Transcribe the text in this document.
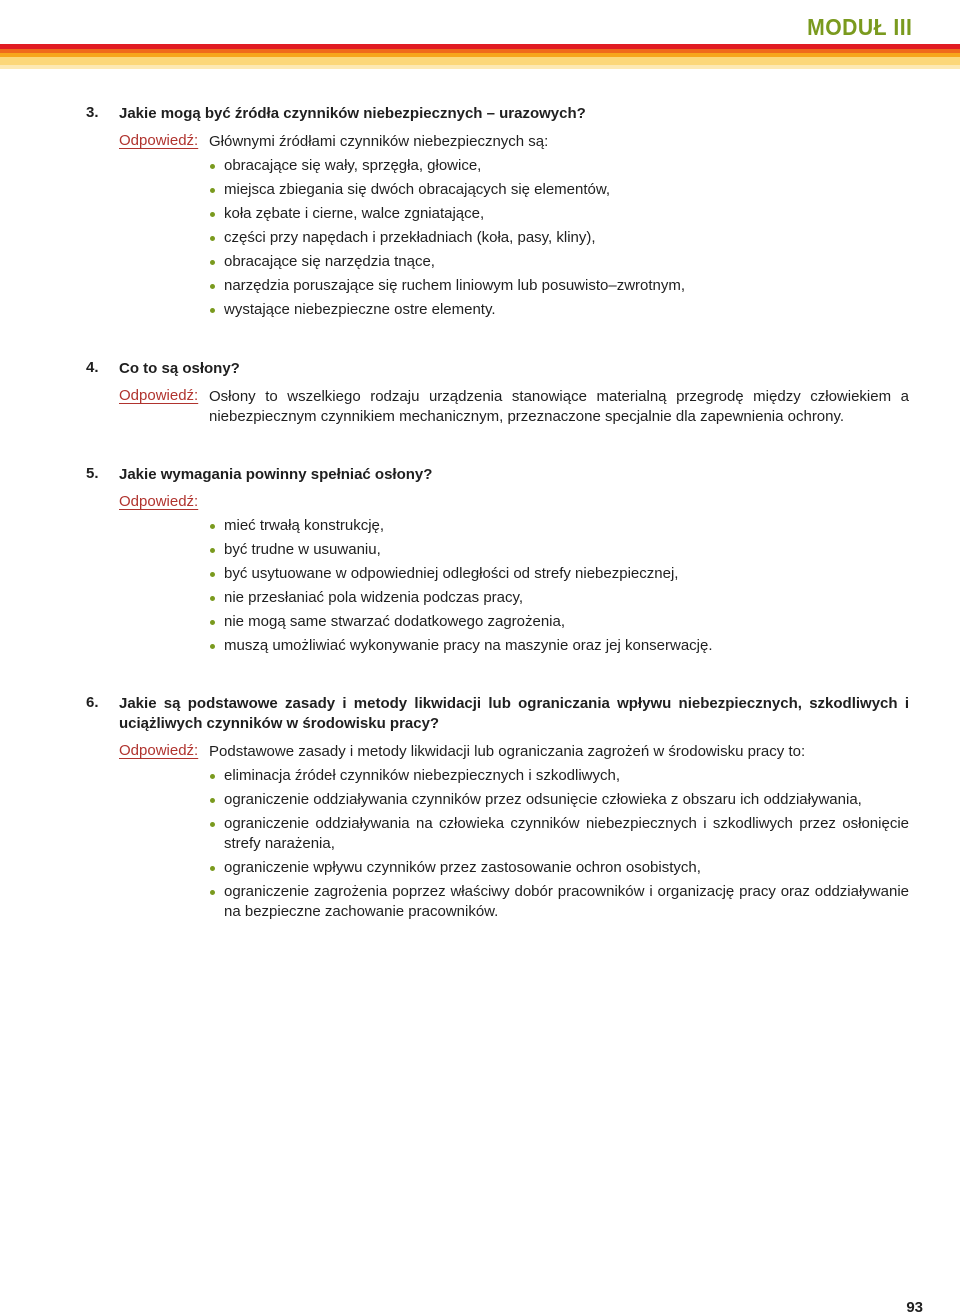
MODUŁ III
3. Jakie mogą być źródła czynników niebezpiecznych – urazowych?
Odpowiedź: Głównymi źródłami czynników niebezpiecznych są:
obracające się wały, sprzęgła, głowice,
miejsca zbiegania się dwóch obracających się elementów,
koła zębate i cierne, walce zgniatające,
części przy napędach i przekładniach (koła, pasy, kliny),
obracające się narzędzia tnące,
narzędzia poruszające się ruchem liniowym lub posuwisto–zwrotnym,
wystające niebezpieczne ostre elementy.
4. Co to są osłony?
Odpowiedź: Osłony to wszelkiego rodzaju urządzenia stanowiące materialną przegrodę między człowiekiem a niebezpiecznym czynnikiem mechanicznym, przeznaczone specjalnie dla zapewnienia ochrony.
5. Jakie wymagania powinny spełniać osłony?
Odpowiedź:
mieć trwałą konstrukcję,
być trudne w usuwaniu,
być usytuowane w odpowiedniej odległości od strefy niebezpiecznej,
nie przesłaniać pola widzenia podczas pracy,
nie mogą same stwarzać dodatkowego zagrożenia,
muszą umożliwiać wykonywanie pracy na maszynie oraz jej konserwację.
6. Jakie są podstawowe zasady i metody likwidacji lub ograniczania wpływu niebezpiecznych, szkodliwych i uciążliwych czynników w środowisku pracy?
Odpowiedź: Podstawowe zasady i metody likwidacji lub ograniczania zagrożeń w środowisku pracy to:
eliminacja źródeł czynników niebezpiecznych i szkodliwych,
ograniczenie oddziaływania czynników przez odsunięcie człowieka z obszaru ich oddziaływania,
ograniczenie oddziaływania na człowieka czynników niebezpiecznych i szkodliwych przez osłonięcie strefy narażenia,
ograniczenie wpływu czynników przez zastosowanie ochron osobistych,
ograniczenie zagrożenia poprzez właściwy dobór pracowników i organizację pracy oraz oddziaływanie na bezpieczne zachowanie pracowników.
93
